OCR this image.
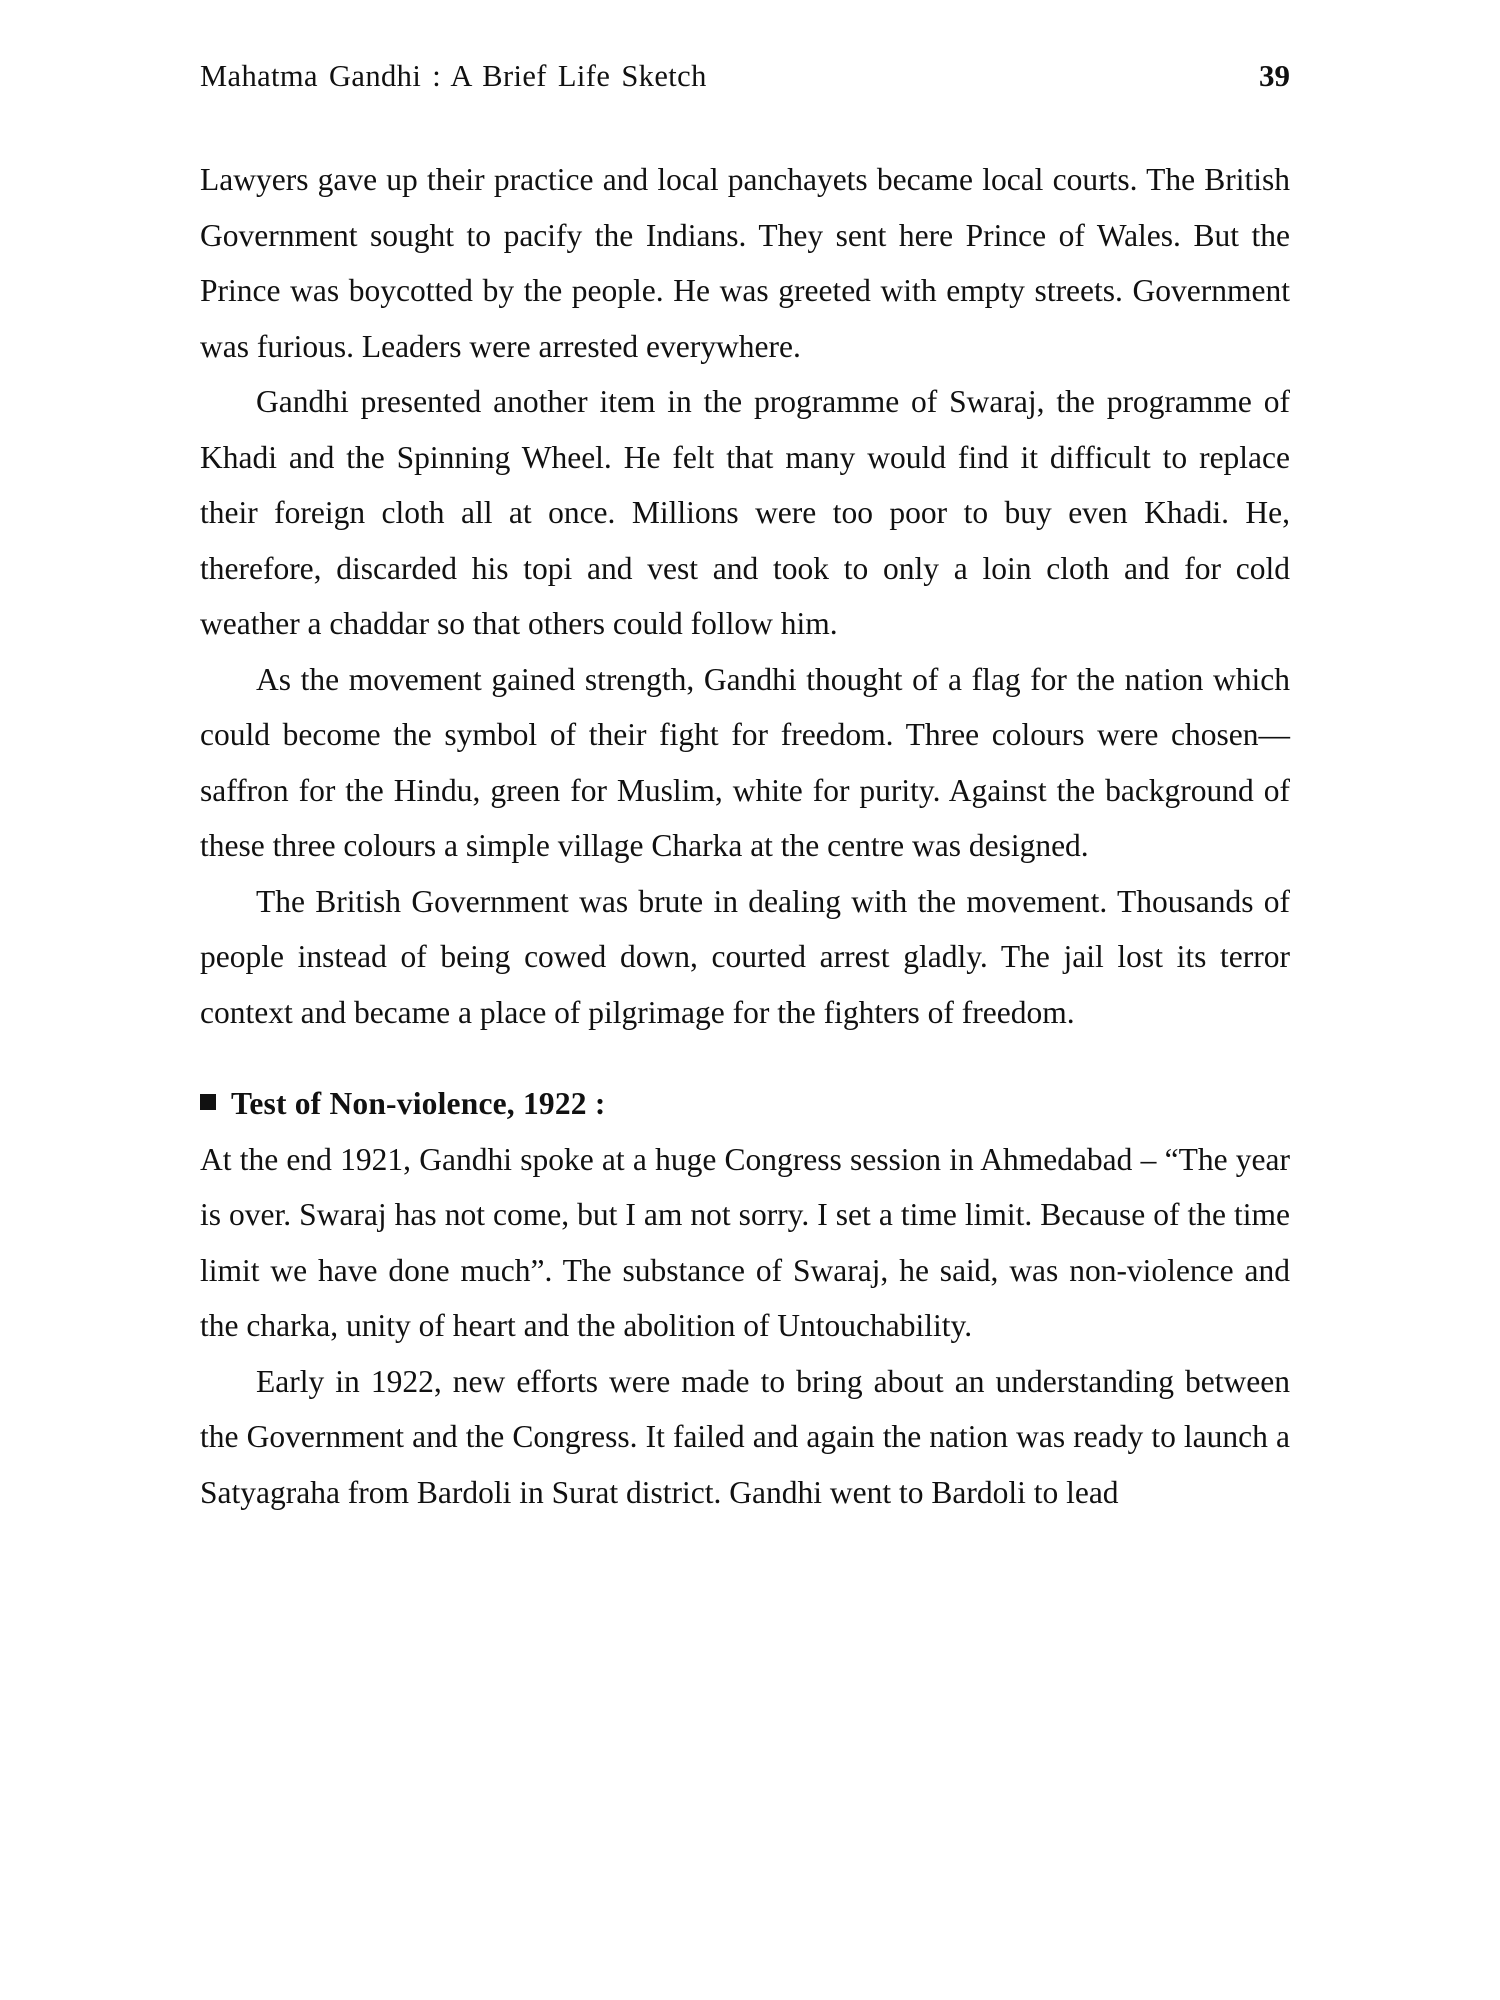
Mahatma Gandhi : A Brief Life Sketch	39

Lawyers gave up their practice and local panchayets became local courts. The British Government sought to pacify the Indians. They sent here Prince of Wales. But the Prince was boycotted by the people. He was greeted with empty streets. Government was furious. Leaders were arrested everywhere.

Gandhi presented another item in the programme of Swaraj, the programme of Khadi and the Spinning Wheel. He felt that many would find it difficult to replace their foreign cloth all at once. Millions were too poor to buy even Khadi. He, therefore, discarded his topi and vest and took to only a loin cloth and for cold weather a chaddar so that others could follow him.

As the movement gained strength, Gandhi thought of a flag for the nation which could become the symbol of their fight for freedom. Three colours were chosen—saffron for the Hindu, green for Muslim, white for purity. Against the background of these three colours a simple village Charka at the centre was designed.

The British Government was brute in dealing with the movement. Thousands of people instead of being cowed down, courted arrest gladly. The jail lost its terror context and became a place of pilgrimage for the fighters of freedom.

Test of Non-violence, 1922 :

At the end 1921, Gandhi spoke at a huge Congress session in Ahmedabad – “The year is over. Swaraj has not come, but I am not sorry. I set a time limit. Because of the time limit we have done much”. The substance of Swaraj, he said, was non-violence and the charka, unity of heart and the abolition of Untouchability.

Early in 1922, new efforts were made to bring about an understanding between the Government and the Congress. It failed and again the nation was ready to launch a Satyagraha from Bardoli in Surat district. Gandhi went to Bardoli to lead
